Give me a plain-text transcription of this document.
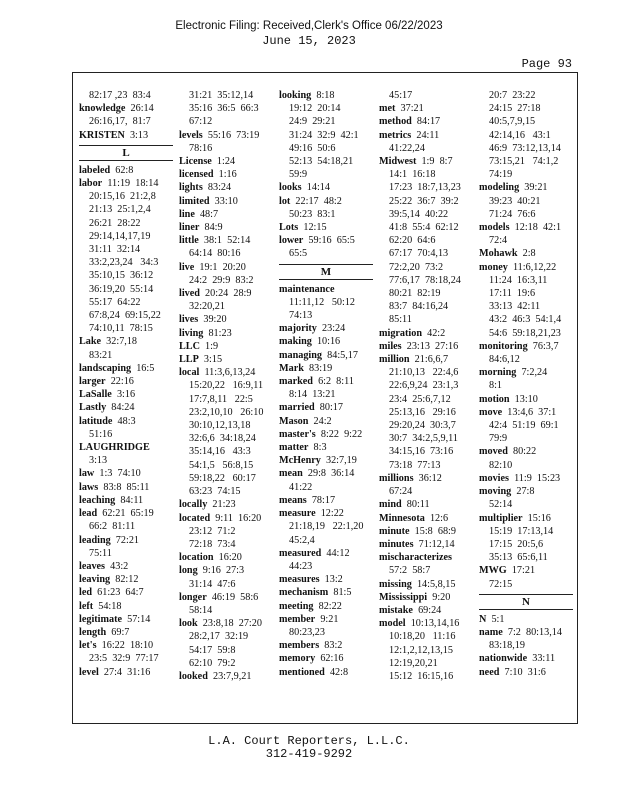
Electronic Filing: Received,Clerk's Office 06/22/2023
June 15, 2023
Page 93
82:17 ,23  83:4
knowledge  26:14
26:16,17,  81:7
KRISTEN  3:13
L
labeled  62:8
labor  11:19  18:14
20:15,16  21:2,8
21:13  25:1,2,4
26:21  28:22
29:14,14,17,19
31:11  32:14
33:2,23,24   34:3
35:10,15  36:12
36:19,20  55:14
55:17  64:22
67:8,24  69:15,22
74:10,11  78:15
Lake  32:7,18
83:21
landscaping  16:5
larger  22:16
LaSalle  3:16
Lastly  84:24
latitude  48:3
51:16
LAUGHRIDGE
3:13
law  1:3  74:10
laws  83:8  85:11
leaching  84:11
lead  62:21  65:19
66:2  81:11
leading  72:21
75:11
leaves  43:2
leaving  82:12
led  61:23  64:7
left  54:18
legitimate  57:14
length  69:7
let's  16:22  18:10
23:5  32:9  77:17
level  27:4  31:16
31:21  35:12,14
35:16  36:5  66:3
67:12
levels  55:16  73:19
78:16
License  1:24
licensed  1:16
lights  83:24
limited  33:10
line  48:7
liner  84:9
little  38:1  52:14
64:14  80:16
live  19:1  20:20
24:2  29:9  83:2
lived  20:24  28:9
32:20,21
lives  39:20
living  81:23
LLC  1:9
LLP  3:15
local  11:3,6,13,24
15:20,22   16:9,11
17:7,8,11   22:5
23:2,10,10   26:10
30:10,12,13,18
32:6,6  34:18,24
35:14,16   43:3
54:1,5   56:8,15
59:18,22   60:17
63:23  74:15
locally  21:23
located  9:11  16:20
23:12  71:2
72:18  73:4
location  16:20
long  9:16  27:3
31:14  47:6
longer  46:19  58:6
58:14
look  23:8,18  27:20
28:2,17  32:19
54:17  59:8
62:10  79:2
looked  23:7,9,21
looking  8:18
19:12  20:14
24:9  29:21
31:24  32:9  42:1
49:16  50:6
52:13  54:18,21
59:9
looks  14:14
lot  22:17  48:2
50:23  83:1
Lots  12:15
lower  59:16  65:5
65:5
M
maintenance
11:11,12   50:12
74:13
majority  23:24
making  10:16
managing  84:5,17
Mark  83:19
marked  6:2  8:11
8:14  13:21
married  80:17
Mason  24:2
master's  8:22  9:22
matter  8:3
McHenry  32:7,19
mean  29:8  36:14
41:22
means  78:17
measure  12:22
21:18,19   22:1,20
45:2,4
measured  44:12
44:23
measures  13:2
mechanism  81:5
meeting  82:22
member  9:21
80:23,23
members  83:2
memory  62:16
mentioned  42:8
45:17
met  37:21
method  84:17
metrics  24:11
41:22,24
Midwest  1:9  8:7
14:1  16:18
17:23  18:7,13,23
25:22  36:7  39:2
39:5,14  40:22
41:8  55:4  62:12
62:20  64:6
67:17  70:4,13
72:2,20  73:2
77:6,17  78:18,24
80:21  82:19
83:7  84:16,24
85:11
migration  42:2
miles  23:13  27:16
million  21:6,6,7
21:10,13   22:4,6
22:6,9,24  23:1,3
23:4  25:6,7,12
25:13,16   29:16
29:20,24  30:3,7
30:7  34:2,5,9,11
34:15,16  73:16
73:18  77:13
millions  36:12
67:24
mind  80:11
Minnesota  12:6
minute  15:8  68:9
minutes  71:12,14
mischaracterizes
57:2  58:7
missing  14:5,8,15
Mississippi  9:20
mistake  69:24
model  10:13,14,16
10:18,20   11:16
12:1,2,12,13,15
12:19,20,21
15:12  16:15,16
20:7  23:22
24:15  27:18
40:5,7,9,15
42:14,16   43:1
46:9  73:12,13,14
73:15,21   74:1,2
74:19
modeling  39:21
39:23  40:21
71:24  76:6
models  12:18  42:1
72:4
Mohawk  2:8
money  11:6,12,22
11:24  16:3,11
17:11  19:6
33:13  42:11
43:2  46:3  54:1,4
54:6  59:18,21,23
monitoring  76:3,7
84:6,12
morning  7:2,24
8:1
motion  13:10
move  13:4,6  37:1
42:4  51:19  69:1
79:9
moved  80:22
82:10
movies  11:9  15:23
moving  27:8
52:14
multiplier  15:16
15:19  17:13,14
17:15  20:5,6
35:13  65:6,11
MWG  17:21
72:15
N
N  5:1
name  7:2  80:13,14
83:18,19
nationwide  33:11
need  7:10  31:6
L.A. Court Reporters, L.L.C.
312-419-9292
